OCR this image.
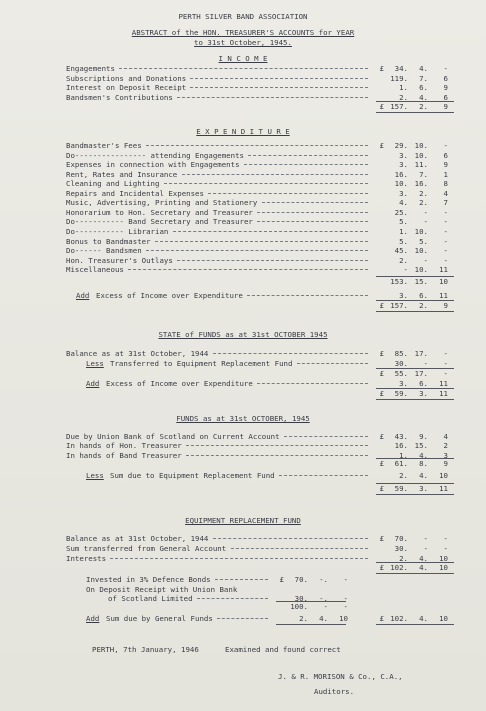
PERTH SILVER BAND ASSOCIATION
ABSTRACT of the HON. TREASURER'S ACCOUNTS for YEAR
to 31st October, 1945.
I N C O M E
Engagements	£	34.	4.	-
Subscriptions and Donations	119.	7.	6
Interest on Deposit Receipt	1.	6.	9
Bandsmen's Contributions	2.	4.	6
£ 157.	2.	9
E X P E N D I T U R E
Bandmaster's Fees	£	29. 10.	-
Do---------------- attending Engagements	3. 10.	6
Expenses in connection with Engagements	3. 11.	9
Rent, Rates and Insurance	16.	7.	1
Cleaning and Lighting	10. 16.	8
Repairs and Incidental Expenses	3.	2.	4
Music, Advertising, Printing and Stationery	4.	2.	7
Honorarium to Hon. Secretary and Treasurer	25.	-	-
Do----------- Band Secretary and Treasurer	5.	-	-
Do----------- Librarian	1. 10.	-
Bonus to Bandmaster	5.	5.	-
Do------ Bandsmen	45. 10.	-
Hon. Treasurer's Outlays	2.	-	-
Miscellaneous	- 10.	11
153. 15.	10
Add Excess of Income over Expenditure	3.	6.	11
£ 157.	2.	9
STATE of FUNDS as at 31st OCTOBER 1945
Balance as at 31st October, 1944	£	85. 17.	-
Less Transferred to Equipment Replacement Fund	30.	-	-
£	55. 17.	-
Add Excess of Income over Expenditure	3.	6.	11
£	59.	3.	11
FUNDS as at 31st OCTOBER, 1945
Due by Union Bank of Scotland on Current Account	£	43.	9.	4
In hands of Hon. Treasurer	16. 15.	2
In hands of Band Treasurer	1.	4.	3
£	61.	8.	9
Less Sum due to Equipment Replacement Fund	2.	4.	10
£	59.	3.	11
EQUIPMENT REPLACEMENT FUND
Balance as at 31st October, 1944	£	70.	-	-
Sum transferred from General Account	30.	-	-
Interests	2.	4.	10
£ 102.	4.	10
Invested in 3% Defence Bonds	£	70.	-.	-
On Deposit Receipt with Union Bank
of Scotland Limited	30.	-.	-
100.	-	-
Add Sum due by General Funds	2.	4.	10	£ 102.	4.	10
PERTH, 7th January, 1946	Examined and found correct
J. & R. MORISON & Co., C.A.,
Auditors.
